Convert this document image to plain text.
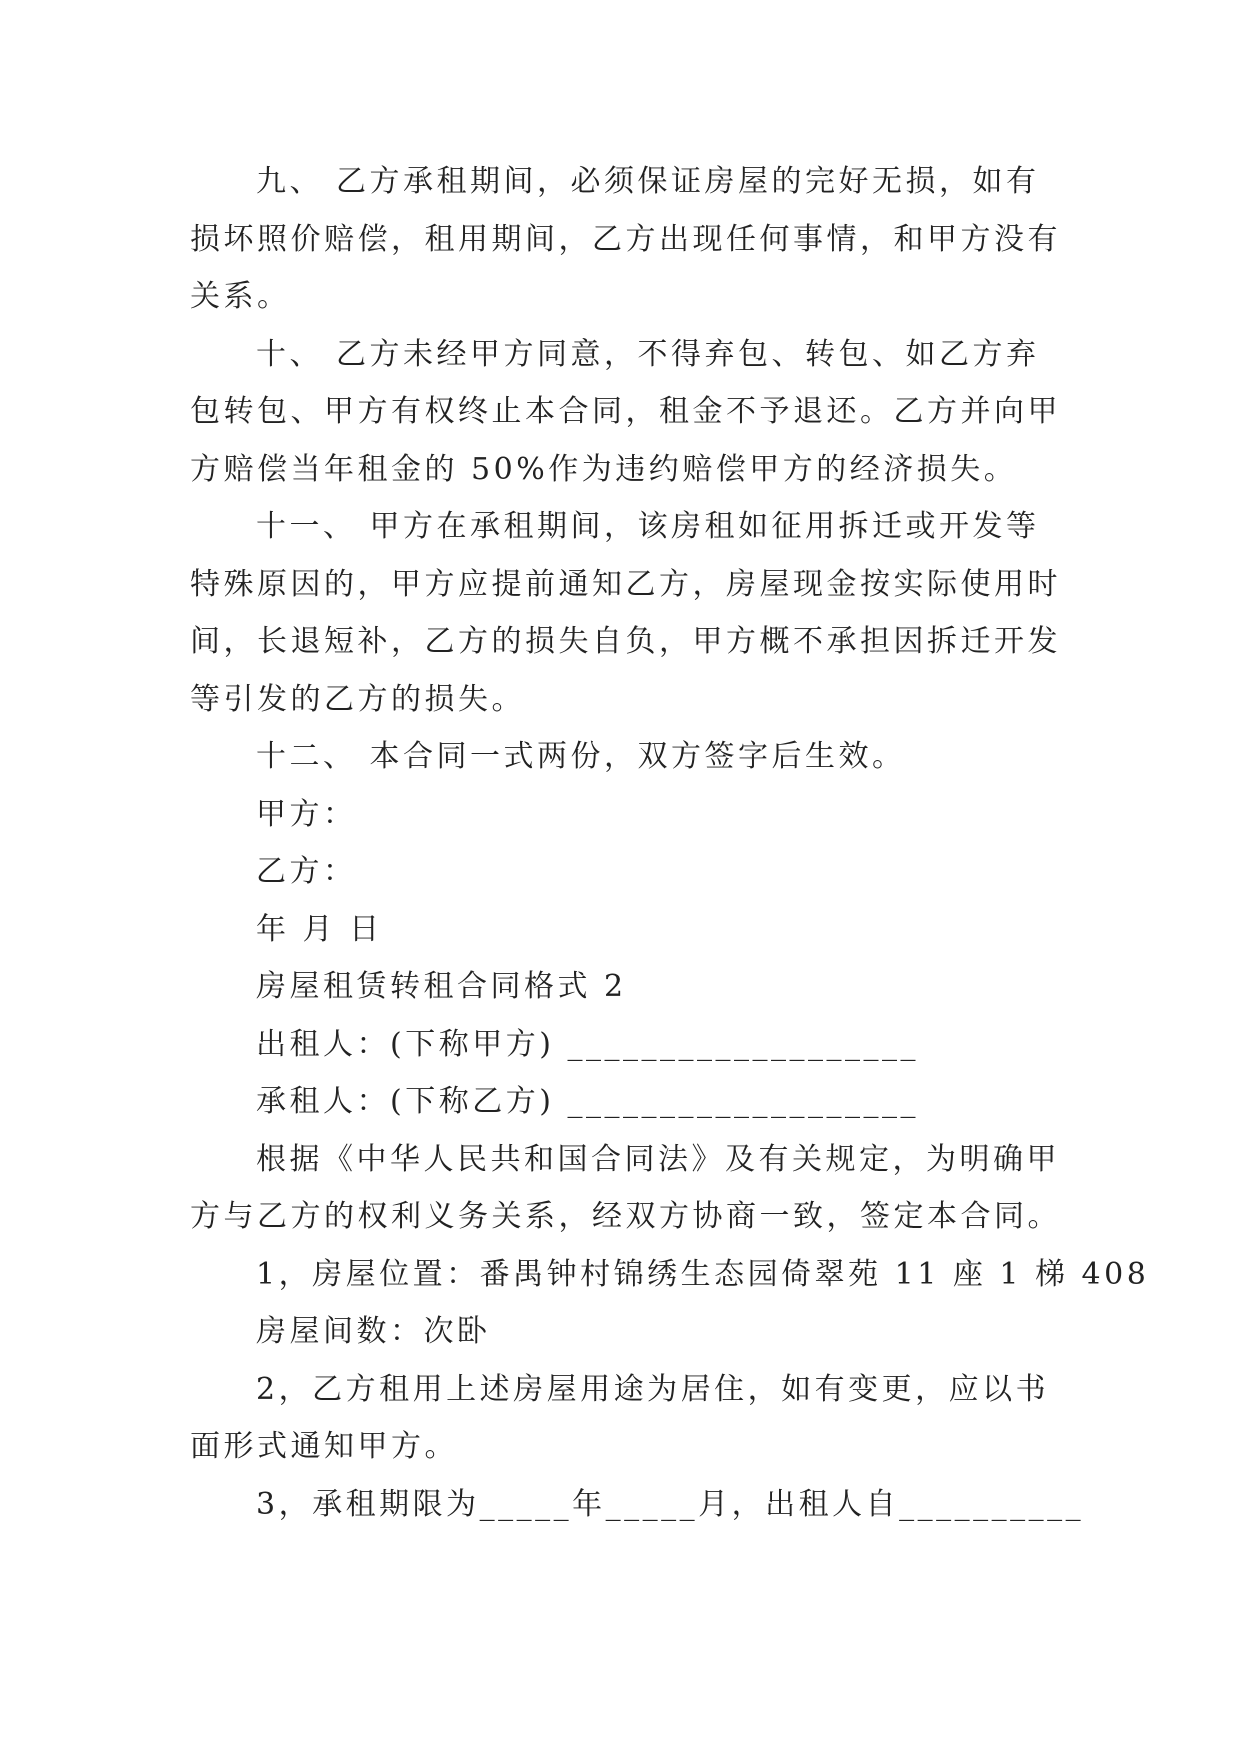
九、 乙方承租期间，必须保证房屋的完好无损，如有

损坏照价赔偿，租用期间，乙方出现任何事情，和甲方没有

关系。

十、 乙方未经甲方同意，不得弃包、转包、如乙方弃

包转包、甲方有权终止本合同，租金不予退还。乙方并向甲

方赔偿当年租金的 50%作为违约赔偿甲方的经济损失。

十一、 甲方在承租期间，该房租如征用拆迁或开发等

特殊原因的，甲方应提前通知乙方，房屋现金按实际使用时

间，长退短补，乙方的损失自负，甲方概不承担因拆迁开发

等引发的乙方的损失。

十二、 本合同一式两份，双方签字后生效。

甲方：

乙方：

年 月 日

房屋租赁转租合同格式 2

出租人：(下称甲方) ___________________

承租人：(下称乙方) ___________________

根据《中华人民共和国合同法》及有关规定，为明确甲

方与乙方的权利义务关系，经双方协商一致，签定本合同。

1，房屋位置：番禺钟村锦绣生态园倚翠苑 11 座 1 梯 408

房屋间数：次卧

2，乙方租用上述房屋用途为居住，如有变更，应以书

面形式通知甲方。

3，承租期限为_____年_____月，出租人自__________
